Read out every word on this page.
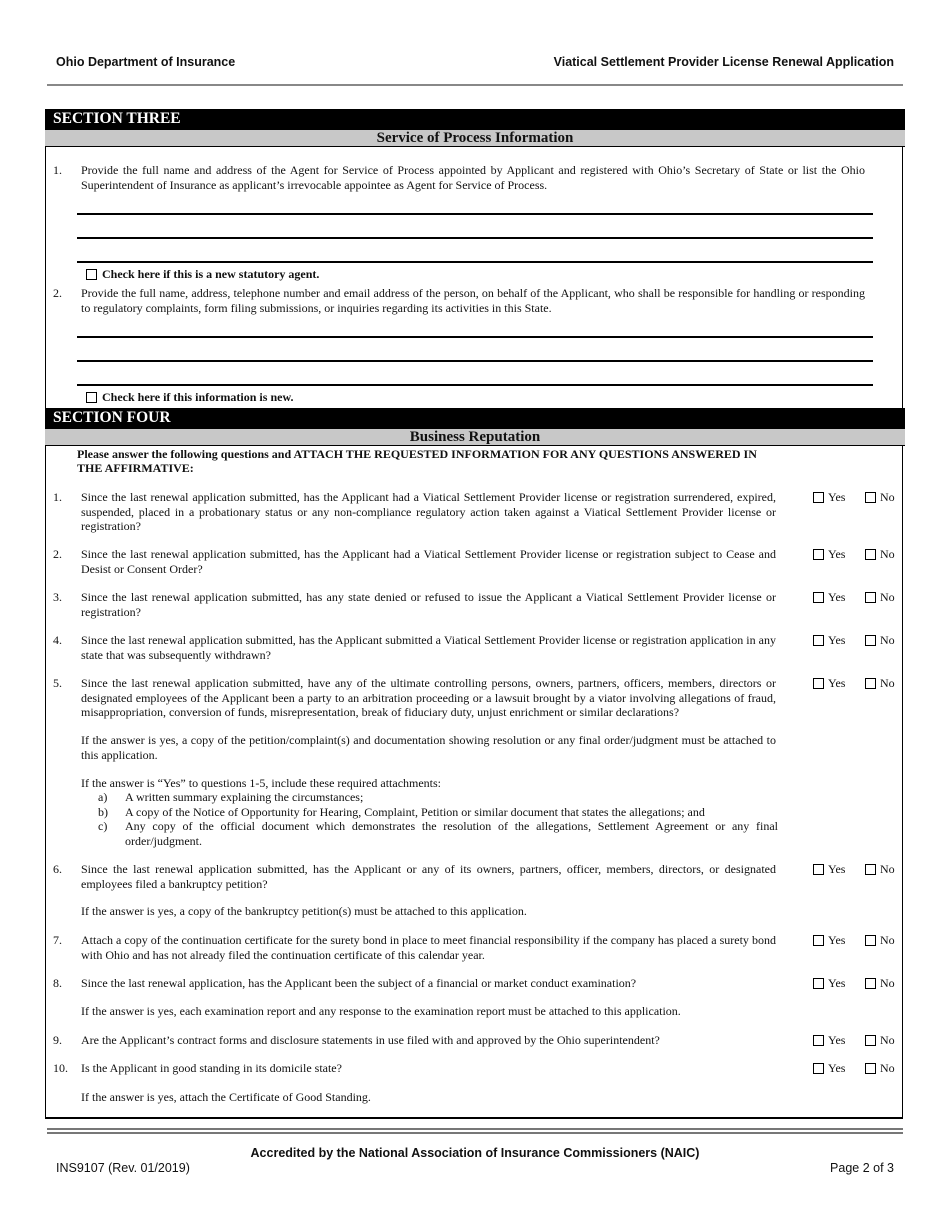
Ohio Department of Insurance	Viatical Settlement Provider License Renewal Application
SECTION THREE
Service of Process Information
1. Provide the full name and address of the Agent for Service of Process appointed by Applicant and registered with Ohio’s Secretary of State or list the Ohio Superintendent of Insurance as applicant’s irrevocable appointee as Agent for Service of Process.
Check here if this is a new statutory agent.
2. Provide the full name, address, telephone number and email address of the person, on behalf of the Applicant, who shall be responsible for handling or responding to regulatory complaints, form filing submissions, or inquiries regarding its activities in this State.
Check here if this information is new.
SECTION FOUR
Business Reputation
Please answer the following questions and ATTACH THE REQUESTED INFORMATION FOR ANY QUESTIONS ANSWERED IN THE AFFIRMATIVE:
1. Since the last renewal application submitted, has the Applicant had a Viatical Settlement Provider license or registration surrendered, expired, suspended, placed in a probationary status or any non-compliance regulatory action taken against a Viatical Settlement Provider license or registration?
Yes	No
2. Since the last renewal application submitted, has the Applicant had a Viatical Settlement Provider license or registration subject to Cease and Desist or Consent Order?
Yes	No
3. Since the last renewal application submitted, has any state denied or refused to issue the Applicant a Viatical Settlement Provider license or registration?
Yes	No
4. Since the last renewal application submitted, has the Applicant submitted a Viatical Settlement Provider license or registration application in any state that was subsequently withdrawn?
Yes	No
5. Since the last renewal application submitted, have any of the ultimate controlling persons, owners, partners, officers, members, directors or designated employees of the Applicant been a party to an arbitration proceeding or a lawsuit brought by a viator involving allegations of fraud, misappropriation, conversion of funds, misrepresentation, break of fiduciary duty, unjust enrichment or similar declarations?
Yes	No
If the answer is yes, a copy of the petition/complaint(s) and documentation showing resolution or any final order/judgment must be attached to this application.
If the answer is “Yes” to questions 1-5, include these required attachments:
a)	A written summary explaining the circumstances;
b)	A copy of the Notice of Opportunity for Hearing, Complaint, Petition or similar document that states the allegations; and
c)	Any copy of the official document which demonstrates the resolution of the allegations, Settlement Agreement or any final order/judgment.
6. Since the last renewal application submitted, has the Applicant or any of its owners, partners, officer, members, directors, or designated employees filed a bankruptcy petition?
Yes	No
If the answer is yes, a copy of the bankruptcy petition(s) must be attached to this application.
7. Attach a copy of the continuation certificate for the surety bond in place to meet financial responsibility if the company has placed a surety bond with Ohio and has not already filed the continuation certificate of this calendar year.
Yes	No
8. Since the last renewal application, has the Applicant been the subject of a financial or market conduct examination?	Yes	No
If the answer is yes, each examination report and any response to the examination report must be attached to this application.
9. Are the Applicant’s contract forms and disclosure statements in use filed with and approved by the Ohio superintendent?	Yes	No
10. Is the Applicant in good standing in its domicile state?	Yes	No
If the answer is yes, attach the Certificate of Good Standing.
Accredited by the National Association of Insurance Commissioners (NAIC)
INS9107 (Rev. 01/2019)	Page 2 of 3
